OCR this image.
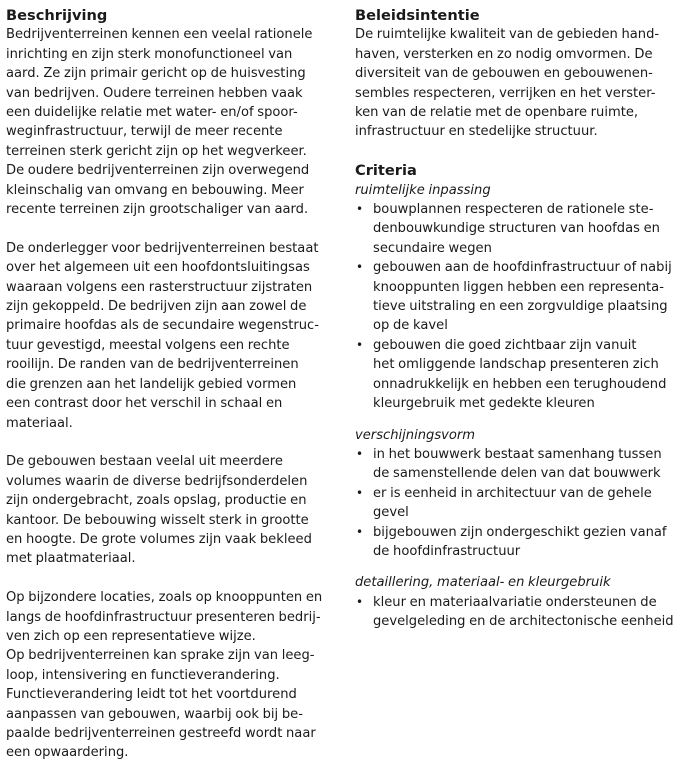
Beschrijving

Bedrijventerreinen kennen een veelal rationele
inrichting en zijn sterk monofunctioneel van
aard. Ze zijn primair gericht op de huisvesting
van bedrijven. Oudere terreinen hebben vaak
een duidelijke relatie met water- en/of spoor-
weginfrastructuur, terwijl de meer recente
terreinen sterk gericht zijn op het wegverkeer.
De oudere bedrijventerreinen zijn overwegend
kleinschalig van omvang en bebouwing. Meer
recente terreinen zijn grootschaliger van aard.

De onderlegger voor bedrijventerreinen bestaat
over het algemeen uit een hoofdontsluitingsas
waaraan volgens een rasterstructuur zijstraten
zijn gekoppeld. De bedrijven zijn aan zowel de
primaire hoofdas als de secundaire wegenstruc-
tuur gevestigd, meestal volgens een rechte
rooilijn. De randen van de bedrijventerreinen
die grenzen aan het landelijk gebied vormen
een contrast door het verschil in schaal en
materiaal.

De gebouwen bestaan veelal uit meerdere
volumes waarin de diverse bedrijfsonderdelen
zijn ondergebracht, zoals opslag, productie en
kantoor. De bebouwing wisselt sterk in grootte
en hoogte. De grote volumes zijn vaak bekleed
met plaatmateriaal.

Op bijzondere locaties, zoals op knooppunten en
langs de hoofdinfrastructuur presenteren bedrij-
ven zich op een representatieve wijze.
Op bedrijventerreinen kan sprake zijn van leeg-
loop, intensivering en functieverandering.
Functieverandering leidt tot het voortdurend
aanpassen van gebouwen, waarbij ook bij be-
paalde bedrijventerreinen gestreefd wordt naar
een opwaardering.

Beleidsintentie

De ruimtelijke kwaliteit van de gebieden hand-
haven, versterken en zo nodig omvormen. De
diversiteit van de gebouwen en gebouwenen-
sembles respecteren, verrijken en het verster-
ken van de relatie met de openbare ruimte,
infrastructuur en stedelijke structuur.

Criteria

ruimtelijke inpassing

• bouwplannen respecteren de rationele ste-
denbouwkundige structuren van hoofdas en
secundaire wegen
• gebouwen aan de hoofdinfrastructuur of nabij
knooppunten liggen hebben een representa-
tieve uitstraling en een zorgvuldige plaatsing
op de kavel
• gebouwen die goed zichtbaar zijn vanuit
het omliggende landschap presenteren zich
onnadrukkelijk en hebben een terughoudend
kleurgebruik met gedekte kleuren

verschijningsvorm

• in het bouwwerk bestaat samenhang tussen
de samenstellende delen van dat bouwwerk
• er is eenheid in architectuur van de gehele
gevel
• bijgebouwen zijn ondergeschikt gezien vanaf
de hoofdinfrastructuur

detaillering, materiaal- en kleurgebruik

• kleur en materiaalvariatie ondersteunen de
gevelgeleding en de architectonische eenheid
